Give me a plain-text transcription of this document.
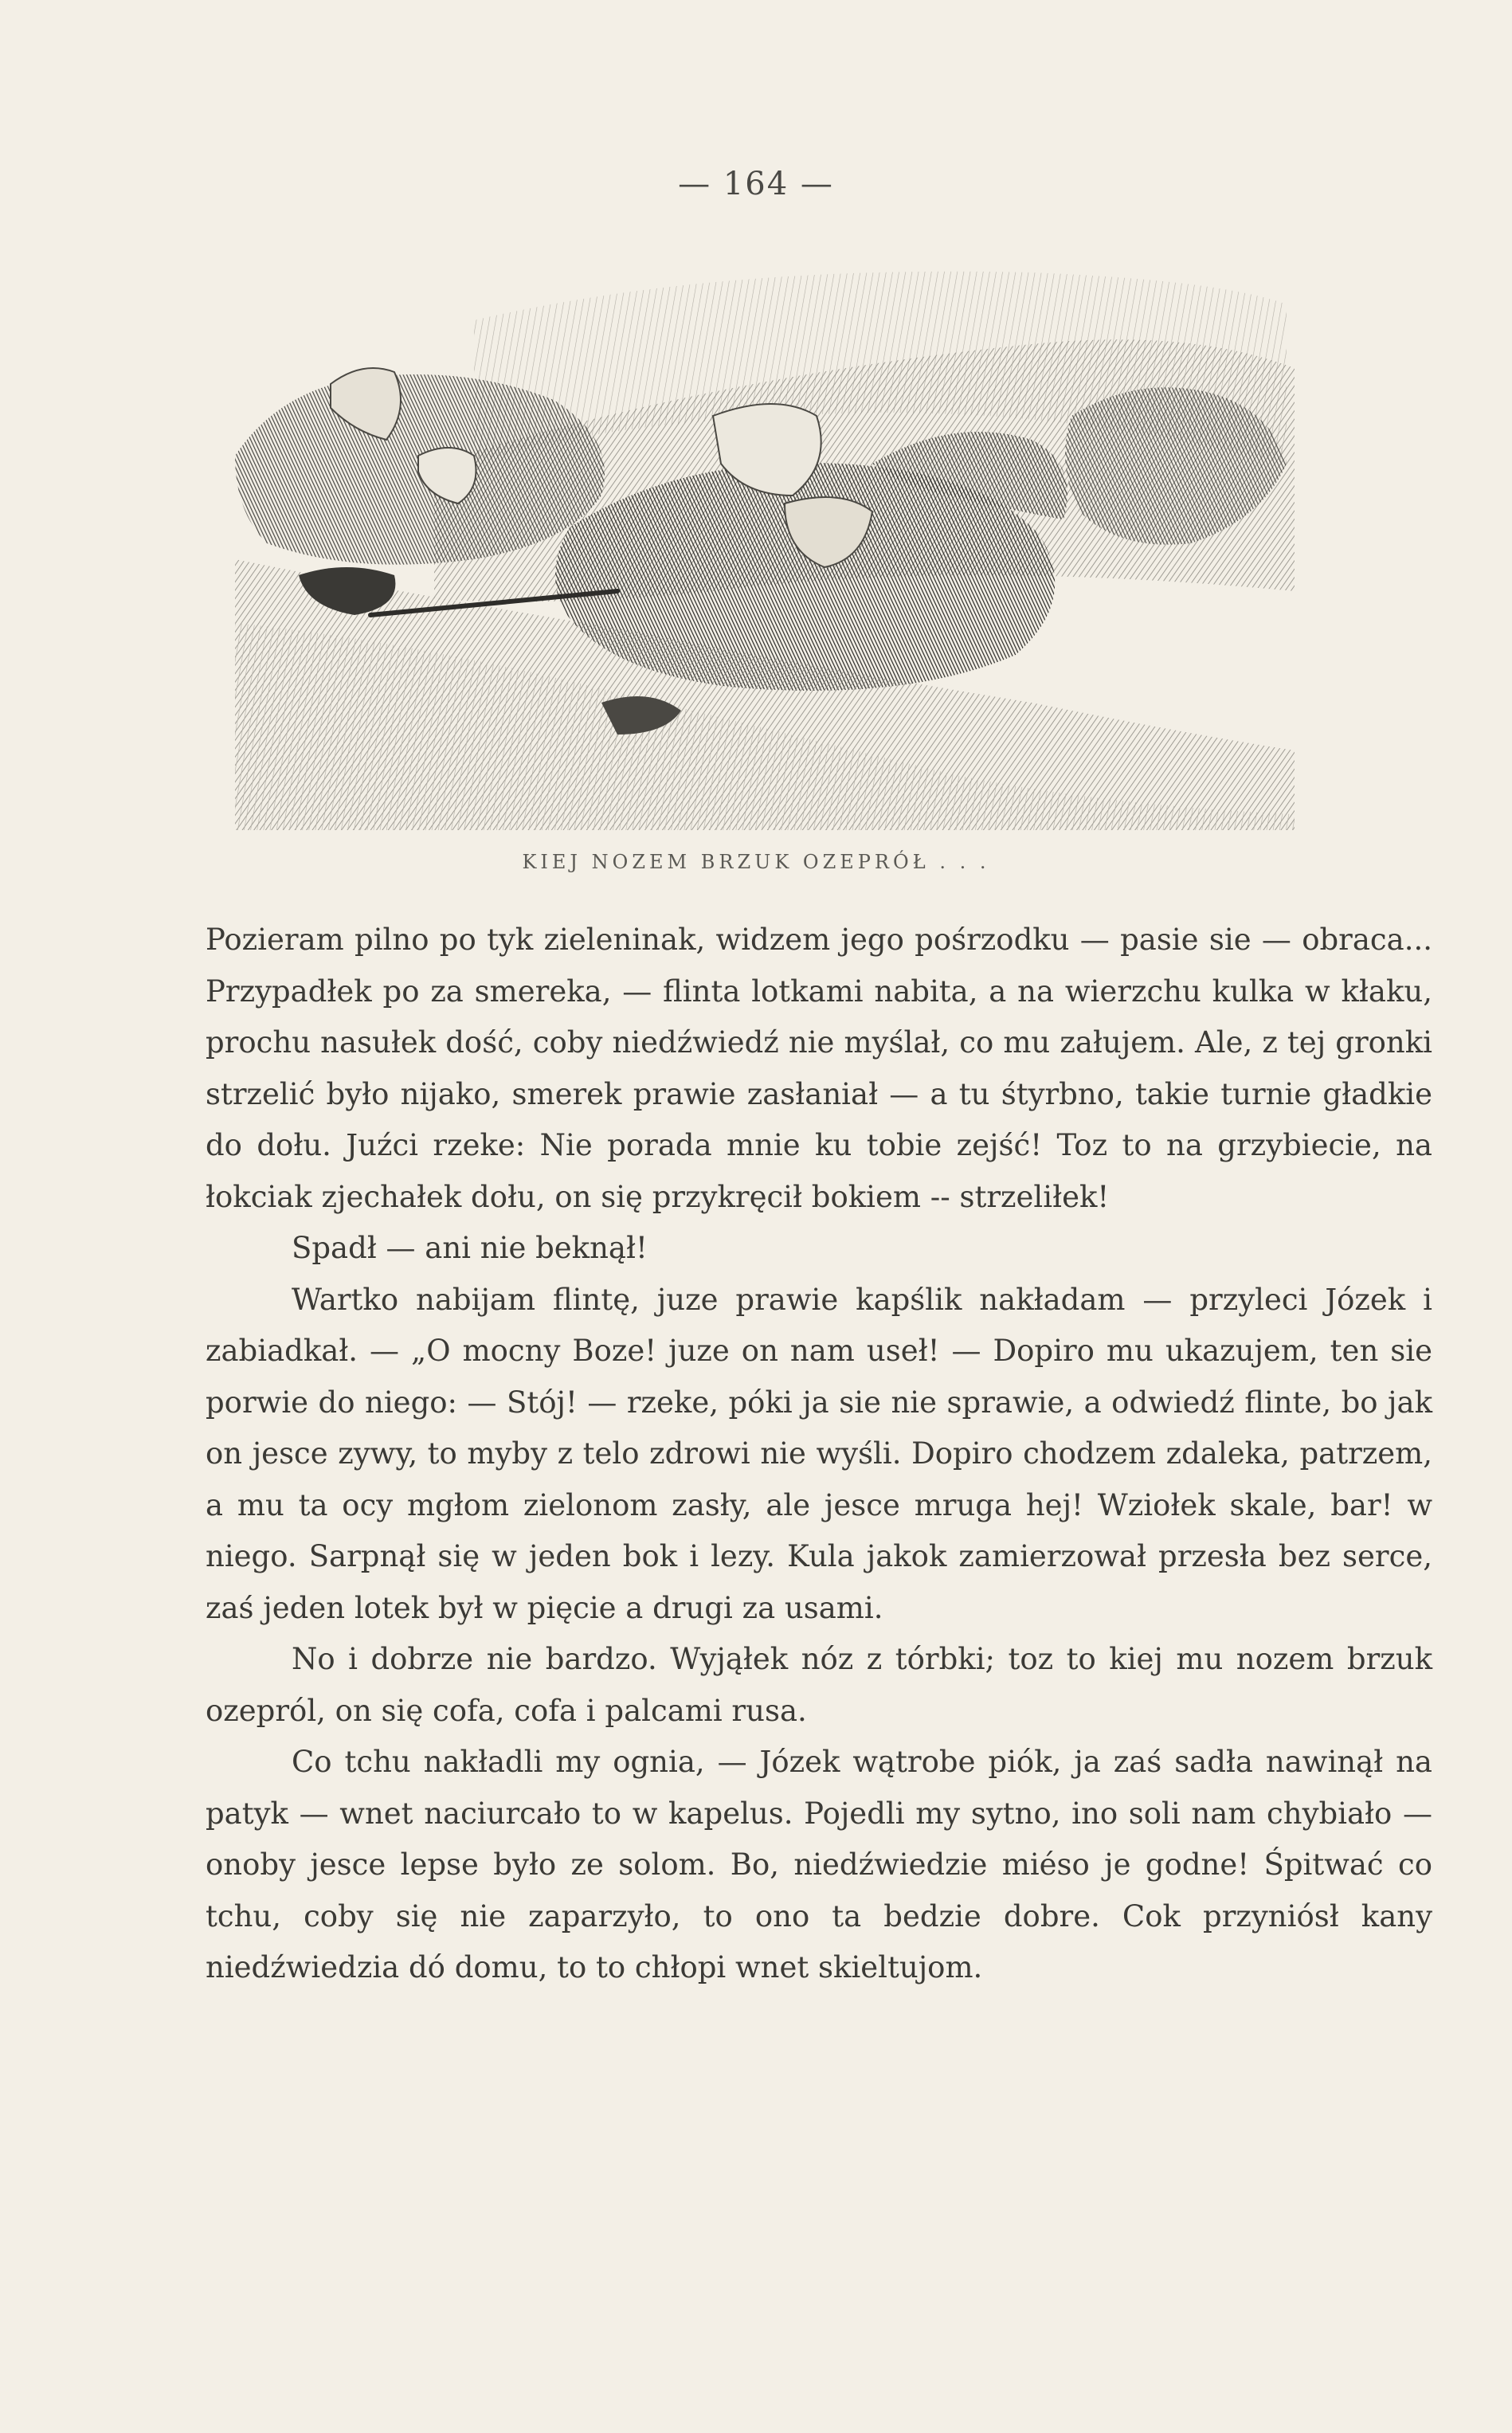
— 164 —
KIEJ NOZEM BRZUK OZEPRÓŁ . . .

Pozieram pilno po tyk zieleninak, widzem jego pośrzodku — pasie sie — obraca... Przypadłek po za smereka, — flinta lotkami nabita, a na wierzchu kulka w kłaku, prochu nasułek dość, coby niedźwiedź nie myślał, co mu załujem. Ale, z tej gronki strzelić było nijako, smerek prawie zasłaniał — a tu śtyrbno, takie turnie gładkie do dołu. Juźci rzeke: Nie porada mnie ku tobie zejść! Toz to na grzybiecie, na łokciak zjechałek dołu, on się przykręcił bokiem -- strzeliłek!

Spadł — ani nie beknął!

Wartko nabijam flintę, juze prawie kapślik nakładam — przyleci Józek i zabiadkał. — „O mocny Boze! juze on nam useł! — Dopiro mu ukazujem, ten sie porwie do niego: — Stój! — rzeke, póki ja sie nie sprawie, a odwiedź flinte, bo jak on jesce zywy, to myby z telo zdrowi nie wyśli. Dopiro chodzem zdaleka, patrzem, a mu ta ocy mgłom zielonom zasły, ale jesce mruga hej! Wziołek skale, bar! w niego. Sarpnął się w jeden bok i lezy. Kula jakok zamierzował przesła bez serce, zaś jeden lotek był w pięcie a drugi za usami.

No i dobrze nie bardzo. Wyjąłek nóz z tórbki; toz to kiej mu nozem brzuk ozepról, on się cofa, cofa i palcami rusa.

Co tchu nakładli my ognia, — Józek wątrobe piók, ja zaś sadła nawinął na patyk — wnet naciurcało to w kapelus. Pojedli my sytno, ino soli nam chybiało — onoby jesce lepse było ze solom. Bo, niedźwiedzie miéso je godne! Śpitwać co tchu, coby się nie zaparzyło, to ono ta bedzie dobre. Cok przyniósł kany niedźwiedzia dó domu, to to chłopi wnet skieltujom.
